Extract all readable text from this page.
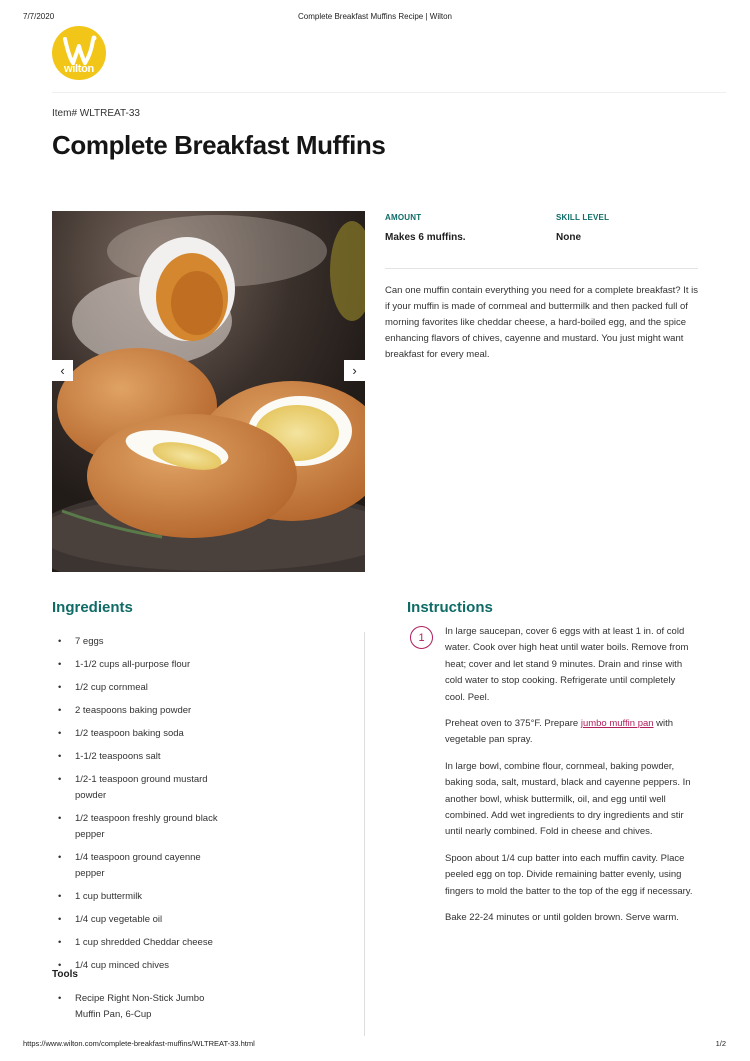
7/7/2020	Complete Breakfast Muffins Recipe | Wilton
wilton
Item# WLTREAT-33
Complete Breakfast Muffins
‹	›
AMOUNT
Makes 6 muffins.
SKILL LEVEL
None

Can one muffin contain everything you need for a complete breakfast? It is if your muffin is made of cornmeal and buttermilk and then packed full of morning favorites like cheddar cheese, a hard-boiled egg, and the spice enhancing flavors of chives, cayenne and mustard. You just might want breakfast for every meal.

Ingredients
• 7 eggs
• 1-1/2 cups all-purpose flour
• 1/2 cup cornmeal
• 2 teaspoons baking powder
• 1/2 teaspoon baking soda
• 1-1/2 teaspoons salt
• 1/2-1 teaspoon ground mustard powder
• 1/2 teaspoon freshly ground black pepper
• 1/4 teaspoon ground cayenne pepper
• 1 cup buttermilk
• 1/4 cup vegetable oil
• 1 cup shredded Cheddar cheese
• 1/4 cup minced chives
Tools
• Recipe Right Non-Stick Jumbo Muffin Pan, 6-Cup
Instructions
1	In large saucepan, cover 6 eggs with at least 1 in. of cold water. Cook over high heat until water boils. Remove from heat; cover and let stand 9 minutes. Drain and rinse with cold water to stop cooking. Refrigerate until completely cool. Peel.

Preheat oven to 375°F. Prepare jumbo muffin pan with vegetable pan spray.

In large bowl, combine flour, cornmeal, baking powder, baking soda, salt, mustard, black and cayenne peppers. In another bowl, whisk buttermilk, oil, and egg until well combined. Add wet ingredients to dry ingredients and stir until nearly combined. Fold in cheese and chives.

Spoon about 1/4 cup batter into each muffin cavity. Place peeled egg on top. Divide remaining batter evenly, using fingers to mold the batter to the top of the egg if necessary.

Bake 22-24 minutes or until golden brown. Serve warm.

https://www.wilton.com/complete-breakfast-muffins/WLTREAT-33.html	1/2
